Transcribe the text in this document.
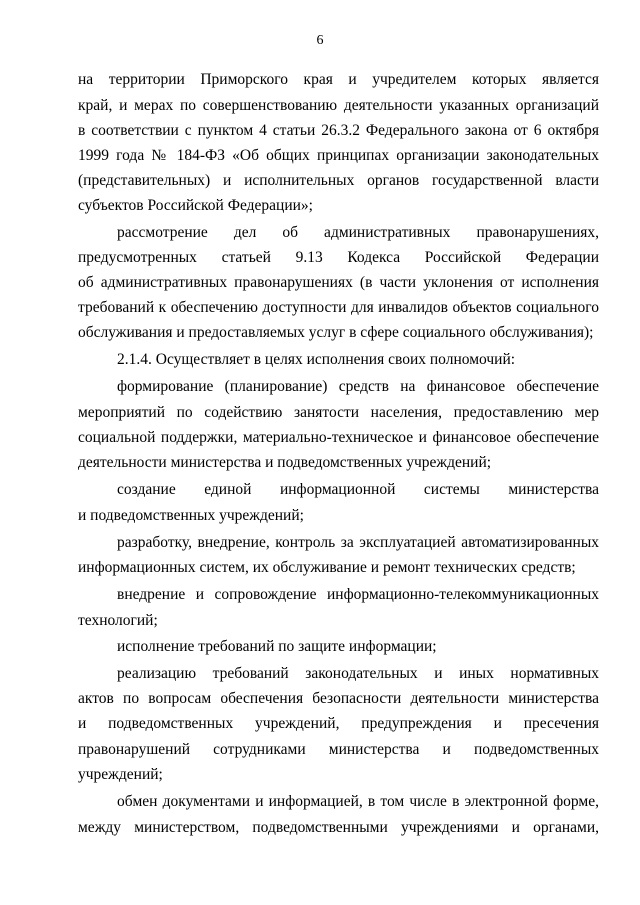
6
на территории Приморского края и учредителем которых является
край, и мерах по совершенствованию деятельности указанных организаций
в соответствии с пунктом 4 статьи 26.3.2 Федерального закона от 6 октября
1999 года № 184-ФЗ «Об общих принципах организации законодательных
(представительных) и исполнительных органов государственной власти
субъектов Российской Федерации»;
рассмотрение дел об административных правонарушениях,
предусмотренных статьей 9.13 Кодекса Российской Федерации
об административных правонарушениях (в части уклонения от исполнения
требований к обеспечению доступности для инвалидов объектов социального
обслуживания и предоставляемых услуг в сфере социального обслуживания);
2.1.4. Осуществляет в целях исполнения своих полномочий:
формирование (планирование) средств на финансовое обеспечение
мероприятий по содействию занятости населения, предоставлению мер
социальной поддержки, материально-техническое и финансовое обеспечение
деятельности министерства и подведомственных учреждений;
создание единой информационной системы министерства
и подведомственных учреждений;
разработку, внедрение, контроль за эксплуатацией автоматизированных
информационных систем, их обслуживание и ремонт технических средств;
внедрение и сопровождение информационно-телекоммуникационных
технологий;
исполнение требований по защите информации;
реализацию требований законодательных и иных нормативных
актов по вопросам обеспечения безопасности деятельности министерства
и подведомственных учреждений, предупреждения и пресечения
правонарушений сотрудниками министерства и подведомственных
учреждений;
обмен документами и информацией, в том числе в электронной форме,
между министерством, подведомственными учреждениями и органами,
